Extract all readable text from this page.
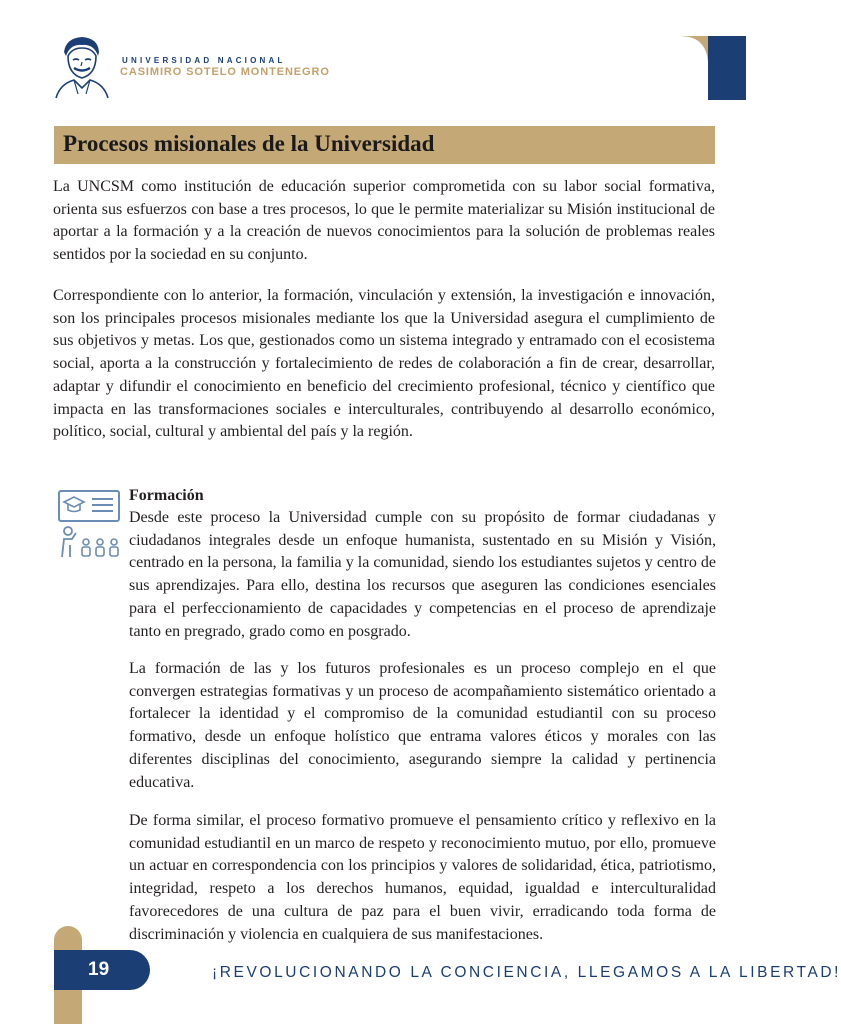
UNIVERSIDAD NACIONAL
CASIMIRO SOTELO MONTENEGRO
Procesos misionales de la Universidad

La UNCSM como institución de educación superior comprometida con su labor social formativa, orienta sus esfuerzos con base a tres procesos, lo que le permite materializar su Misión institucional de aportar a la formación y a la creación de nuevos conocimientos para la solución de problemas reales sentidos por la sociedad en su conjunto.

Correspondiente con lo anterior, la formación, vinculación y extensión, la investigación e innovación, son los principales procesos misionales mediante los que la Universidad asegura el cumplimiento de sus objetivos y metas. Los que, gestionados como un sistema integrado y entramado con el ecosistema social, aporta a la construcción y fortalecimiento de redes de colaboración a fin de crear, desarrollar, adaptar y difundir el conocimiento en beneficio del crecimiento profesional, técnico y científico que impacta en las transformaciones sociales e interculturales, contribuyendo al desarrollo económico, político, social, cultural y ambiental del país y la región.

Formación

Desde este proceso la Universidad cumple con su propósito de formar ciudadanas y ciudadanos integrales desde un enfoque humanista, sustentado en su Misión y Visión, centrado en la persona, la familia y la comunidad, siendo los estudiantes sujetos y centro de sus aprendizajes. Para ello, destina los recursos que aseguren las condiciones esenciales para el perfeccionamiento de capacidades y competencias en el proceso de aprendizaje tanto en pregrado, grado como en posgrado.

La formación de las y los futuros profesionales es un proceso complejo en el que convergen estrategias formativas y un proceso de acompañamiento sistemático orientado a fortalecer la identidad y el compromiso de la comunidad estudiantil con su proceso formativo, desde un enfoque holístico que entrama valores éticos y morales con las diferentes disciplinas del conocimiento, asegurando siempre la calidad y pertinencia educativa.

De forma similar, el proceso formativo promueve el pensamiento crítico y reflexivo en la comunidad estudiantil en un marco de respeto y reconocimiento mutuo, por ello, promueve un actuar en correspondencia con los principios y valores de solidaridad, ética, patriotismo, integridad, respeto a los derechos humanos, equidad, igualdad e interculturalidad favorecedores de una cultura de paz para el buen vivir, erradicando toda forma de discriminación y violencia en cualquiera de sus manifestaciones.

19	¡REVOLUCIONANDO LA CONCIENCIA, LLEGAMOS A LA LIBERTAD!
